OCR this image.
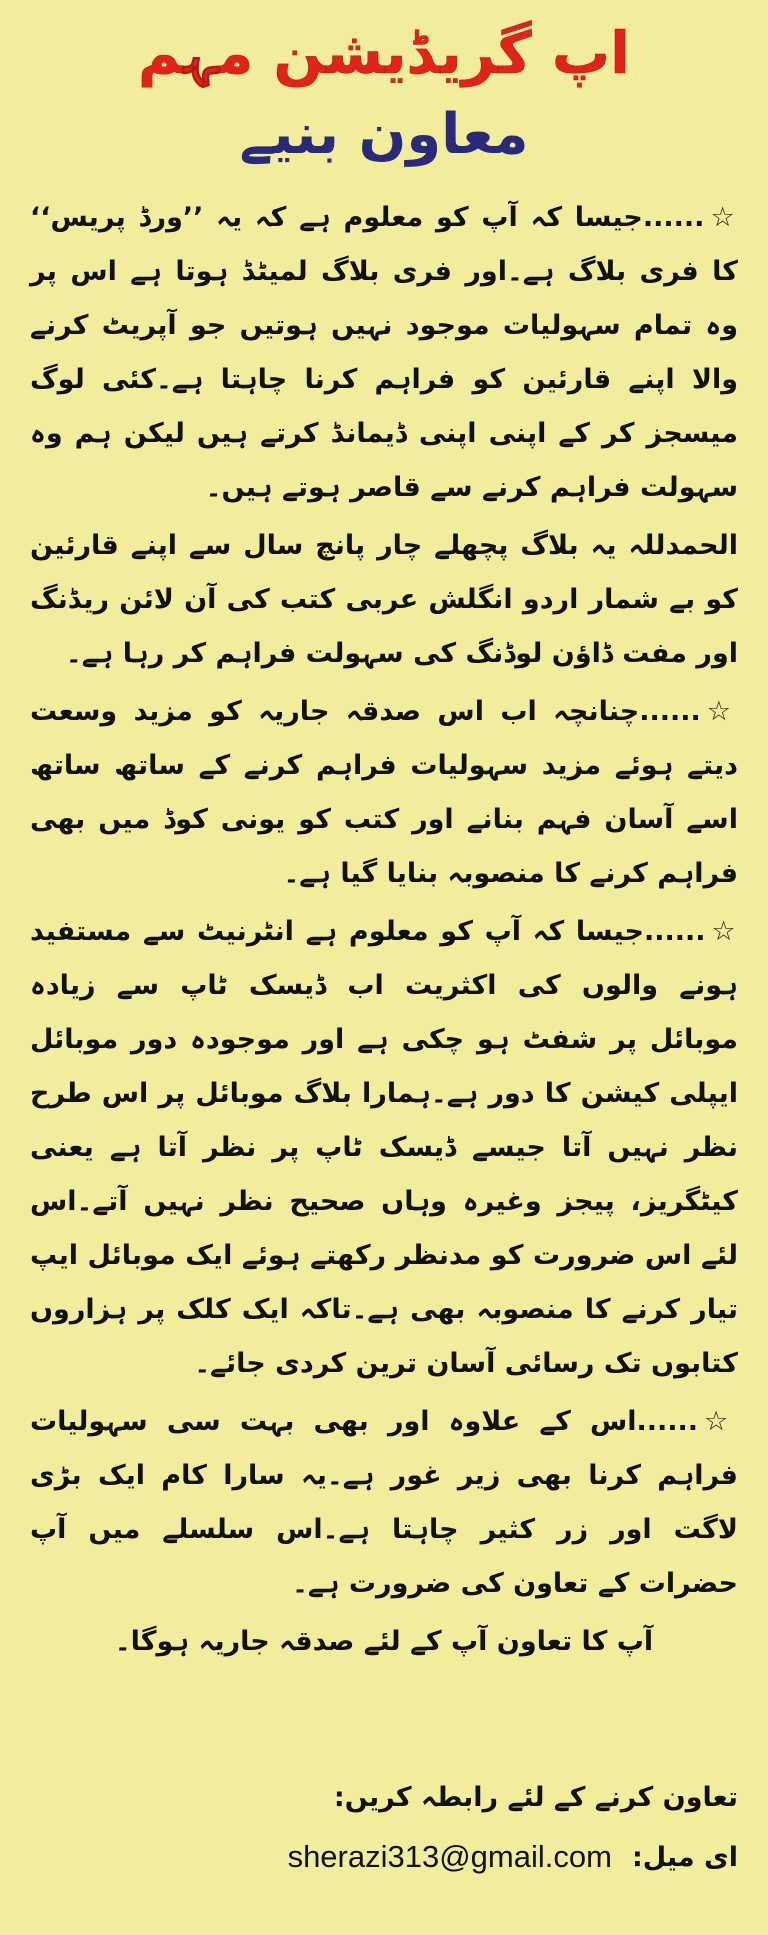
اپ گریڈیشن مہم
معاون بنیے

☆......جیسا کہ آپ کو معلوم ہے کہ یہ ’’ورڈ پریس‘‘ کا فری بلاگ ہے۔اور فری بلاگ لمیٹڈ ہوتا ہے اس پر وہ تمام سہولیات موجود نہیں ہوتیں جو آپریٹ کرنے والا اپنے قارئین کو فراہم کرنا چاہتا ہے۔کئی لوگ میسجز کر کے اپنی اپنی ڈیمانڈ کرتے ہیں لیکن ہم وہ سہولت فراہم کرنے سے قاصر ہوتے ہیں۔

الحمدللہ یہ بلاگ پچھلے چار پانچ سال سے اپنے قارئین کو بے شمار اردو انگلش عربی کتب کی آن لائن ریڈنگ اور مفت ڈاؤن لوڈنگ کی سہولت فراہم کر رہا ہے۔

☆......چنانچہ اب اس صدقہ جاریہ کو مزید وسعت دیتے ہوئے مزید سہولیات فراہم کرنے کے ساتھ ساتھ اسے آسان فہم بنانے اور کتب کو یونی کوڈ میں بھی فراہم کرنے کا منصوبہ بنایا گیا ہے۔

☆......جیسا کہ آپ کو معلوم ہے انٹرنیٹ سے مستفید ہونے والوں کی اکثریت اب ڈیسک ٹاپ سے زیادہ موبائل پر شفٹ ہو چکی ہے اور موجودہ دور موبائل ایپلی کیشن کا دور ہے۔ہمارا بلاگ موبائل پر اس طرح نظر نہیں آتا جیسے ڈیسک ٹاپ پر نظر آتا ہے یعنی کیٹگریز، پیجز وغیرہ وہاں صحیح نظر نہیں آتے۔اس لئے اس ضرورت کو مدنظر رکھتے ہوئے ایک موبائل ایپ تیار کرنے کا منصوبہ بھی ہے۔تاکہ ایک کلک پر ہزاروں کتابوں تک رسائی آسان ترین کردی جائے۔

☆......اس کے علاوہ اور بھی بہت سی سہولیات فراہم کرنا بھی زیر غور ہے۔یہ سارا کام ایک بڑی لاگت اور زر کثیر چاہتا ہے۔اس سلسلے میں آپ حضرات کے تعاون کی ضرورت ہے۔

آپ کا تعاون آپ کے لئے صدقہ جاریہ ہوگا۔
تعاون کرنے کے لئے رابطہ کریں:
ای میل:
sherazi313@gmail.com
